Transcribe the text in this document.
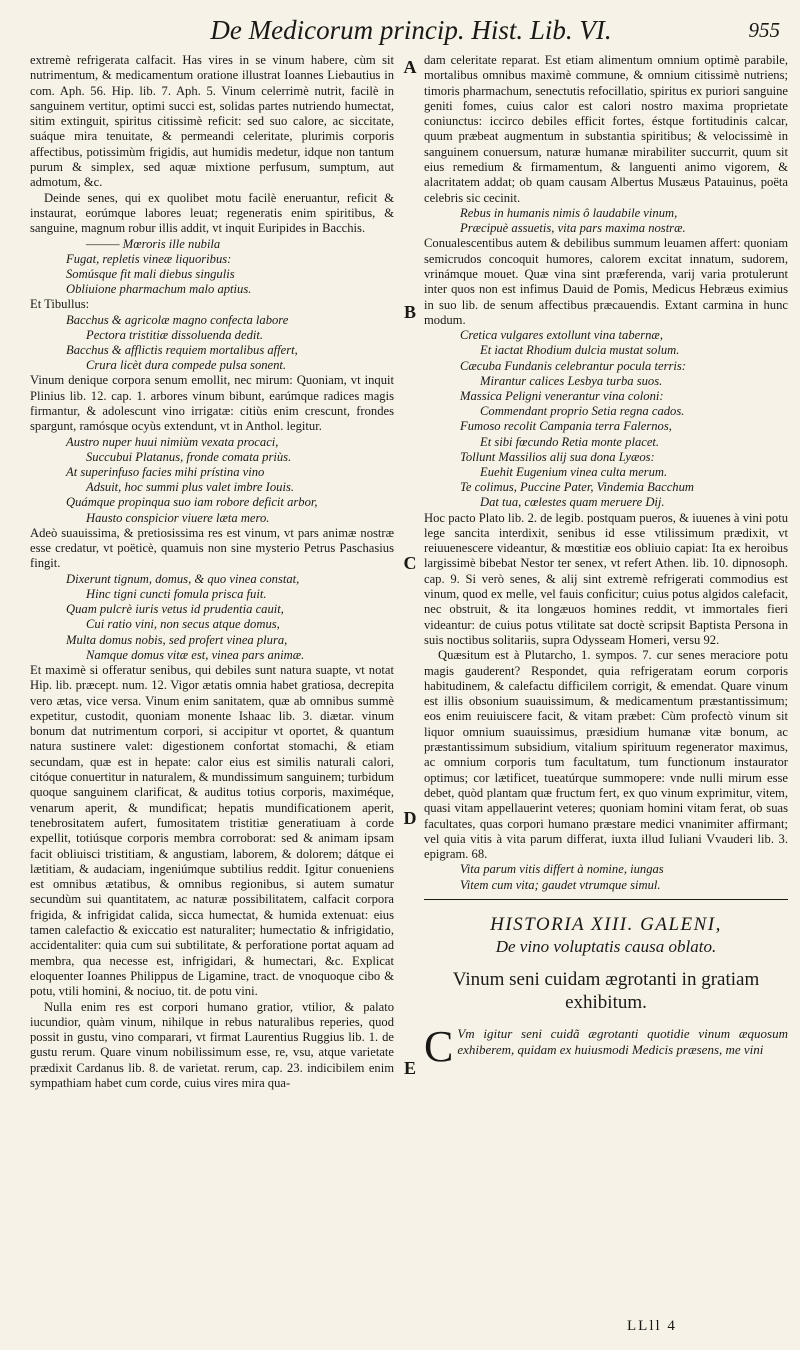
De Medicorum princip. Hist. Lib. VI.	955
A
B
C
D
E

extremè refrigerata calfacit. Has vires in se vinum habere, cùm sit nutrimentum, & medicamentum oratione illustrat Ioannes Liebautius in com. Aph. 56. Hip. lib. 7. Aph. 5. Vinum celerrimè nutrit, facilè in sanguinem vertitur, optimi succi est, solidas partes nutriendo humectat, sitim extinguit, spiritus citissimè reficit: sed suo calore, ac siccitate, suáque mira tenuitate, & permeandi celeritate, plurimis corporis affectibus, potissimùm frigidis, aut humidis medetur, idque non tantum purum & simplex, sed aquæ mixtione perfusum, sumptum, aut admotum, &c.

Deinde senes, qui ex quolibet motu facilè eneruantur, reficit & instaurat, eorúmque labores leuat; regeneratis enim spiritibus, & sanguine, magnum robur illis addit, vt inquit Euripides in Bacchis.

——— Mœroris ille nubila
Fugat, repletis vineæ liquoribus:
Somúsque fit mali diebus singulis
Obliuione pharmachum malo aptius.

Et Tibullus:

Bacchus & agricolæ magno confecta labore
Pectora tristitiæ dissoluenda dedit.
Bacchus & afflictis requiem mortalibus affert,
Crura licèt dura compede pulsa sonent.

Vinum denique corpora senum emollit, nec mirum: Quoniam, vt inquit Plinius lib. 12. cap. 1. arbores vinum bibunt, earúmque radices magis firmantur, & adolescunt vino irrigatæ: citiùs enim crescunt, frondes spargunt, ramósque ocyùs extendunt, vt in Anthol. legitur.

Austro nuper huui nimiùm vexata procaci,
Succubui Platanus, fronde comata priùs.
At superinfuso facies mihi prístina vino
Adsuit, hoc summi plus valet imbre Iouis.
Quámque propinqua suo iam robore deficit arbor,
Hausto conspicior viuere læta mero.

Adeò suauissima, & pretiosissima res est vinum, vt pars animæ nostræ esse credatur, vt poëticè, quamuis non sine mysterio Petrus Paschasius fingit.

Dixerunt tignum, domus, & quo vinea constat,
Hinc tigni cuncti fomula prisca fuit.
Quam pulcrè iuris vetus id prudentia cauit,
Cui ratio vini, non secus atque domus,
Multa domus nobis, sed profert vinea plura,
Namque domus vitæ est, vinea pars animæ.

Et maximè si offeratur senibus, qui debiles sunt natura suapte, vt notat Hip. lib. præcept. num. 12. Vigor ætatis omnia habet gratiosa, decrepita vero ætas, vice versa. Vinum enim sanitatem, quæ ab omnibus summè expetitur, custodit, quoniam monente Ishaac lib. 3. diætar. vinum bonum dat nutrimentum corpori, si accipitur vt oportet, & quantum natura sustinere valet: digestionem confortat stomachi, & etiam secundam, quæ est in hepate: calor eius est similis naturali calori, citóque conuertitur in naturalem, & mundissimum sanguinem; turbidum quoque sanguinem clarificat, & auditus totius corporis, maximéque, venarum aperit, & mundificat; hepatis mundificationem aperit, tenebrositatem aufert, fumositatem tristitiæ generatiuam à corde expellit, totiúsque corporis membra corroborat: sed & animam ipsam facit obliuisci tristitiam, & angustiam, laborem, & dolorem; dátque ei lætitiam, & audaciam, ingeniúmque subtilius reddit. Igitur conueniens est omnibus ætatibus, & omnibus regionibus, si autem sumatur secundùm sui quantitatem, ac naturæ possibilitatem, calfacit corpora frigida, & infrigidat calida, sicca humectat, & humida extenuat: eius tamen calefactio & exiccatio est naturaliter; humectatio & infrigidatio, accidentaliter: quia cum sui subtilitate, & perforatione portat aquam ad membra, qua necesse est, infrigidari, & humectari, &c. Explicat eloquenter Ioannes Philippus de Ligamine, tract. de vnoquoque cibo & potu, vtili homini, & nociuo, tit. de potu vini.

Nulla enim res est corpori humano gratior, vtilior, & palato iucundior, quàm vinum, nihilque in rebus naturalibus reperies, quod possit in gustu, vino comparari, vt firmat Laurentius Ruggius lib. 1. de gustu rerum. Quare vinum nobilissimum esse, re, vsu, atque varietate prædixit Cardanus lib. 8. de varietat. rerum, cap. 23. indicibilem enim sympathiam habet cum corde, cuius vires mira qua-

dam celeritate reparat. Est etiam alimentum omnium optimè parabile, mortalibus omnibus maximè commune, & omnium citissimè nutriens; timoris pharmachum, senectutis refocillatio, spiritus ex puriori sanguine geniti fomes, cuius calor est calori nostro maxima proprietate coniunctus: iccirco debiles efficit fortes, éstque fortitudinis calcar, quum præbeat augmentum in substantia spiritibus; & velocissimè in sanguinem conuersum, naturæ humanæ mirabiliter succurrit, quum sit eius remedium & firmamentum, & languenti animo vigorem, & alacritatem addat; ob quam causam Albertus Musæus Patauinus, poëta celebris sic cecinit.

Rebus in humanis nimis ô laudabile vinum,
Præcipuè assuetis, vita pars maxima nostræ.

Conualescentibus autem & debilibus summum leuamen affert: quoniam semicrudos concoquit humores, calorem excitat innatum, sudorem, vrinámque mouet. Quæ vina sint præferenda, varij varia protulerunt inter quos non est infimus Dauid de Pomis, Medicus Hebræus eximius in suo lib. de senum affectibus præcauendis. Extant carmina in hunc modum.

Cretica vulgares extollunt vina tabernæ,
Et iactat Rhodium dulcia mustat solum.
Cæcuba Fundanis celebrantur pocula terris:
Mirantur calices Lesbya turba suos.
Massica Peligni venerantur vina coloni:
Commendant proprio Setia regna cados.
Fumoso recolit Campania terra Falernos,
Et sibi fœcundo Retia monte placet.
Tollunt Massilios alij sua dona Lyæos:
Euehit Eugenium vinea culta merum.
Te colimus, Puccine Pater, Vindemia Bacchum
Dat tua, cœlestes quam meruere Dij.

Hoc pacto Plato lib. 2. de legib. postquam pueros, & iuuenes à vini potu lege sancita interdixit, senibus id esse vtilissimum prædixit, vt reiuuenescere videantur, & mœstitiæ eos obliuio capiat: Ita ex heroibus largissimè bibebat Nestor ter senex, vt refert Athen. lib. 10. dipnosoph. cap. 9. Si verò senes, & alij sint extremè refrigerati commodius est vinum, quod ex melle, vel fauis conficitur; cuius potus algidos calefacit, nec obstruit, & ita longæuos homines reddit, vt immortales fieri videantur: de cuius potus vtilitate sat doctè scripsit Baptista Persona in suis noctibus solitariis, supra Odysseam Homeri, versu 92.

Quæsitum est à Plutarcho, 1. sympos. 7. cur senes meraciore potu magis gauderent? Respondet, quia refrigeratam eorum corporis habitudinem, & calefactu difficilem corrigit, & emendat. Quare vinum est illis obsonium suauissimum, & medicamentum præstantissimum; eos enim reuiuiscere facit, & vitam præbet: Cùm profectò vinum sit liquor omnium suauissimus, præsidium humanæ vitæ bonum, ac præstantissimum subsidium, vitalium spirituum regenerator maximus, ac omnium corporis tum facultatum, tum functionum instaurator optimus; cor lætificet, tueatúrque summopere: vnde nulli mirum esse debet, quòd plantam quæ fructum fert, ex quo vinum exprimitur, vitem, quasi vitam appellauerint veteres; quoniam homini vitam ferat, ob suas facultates, quas corpori humano præstare medici vnanimiter affirmant; vel quia vitis à vita parum differat, iuxta illud Iuliani Vvauderi lib. 3. epigram. 68.

Vita parum vitis differt à nomine, iungas
Vitem cum vita; gaudet vtrumque simul.
HISTORIA XIII. GALENI,
De vino voluptatis causa oblato.
Vinum seni cuidam ægrotanti in gratiam exhibitum.
C Vm igitur seni cuidã ægrotanti quotidie vinum æquosum exhiberem, quidam ex huiusmodi Medicis præsens, me vini
LLll 4
